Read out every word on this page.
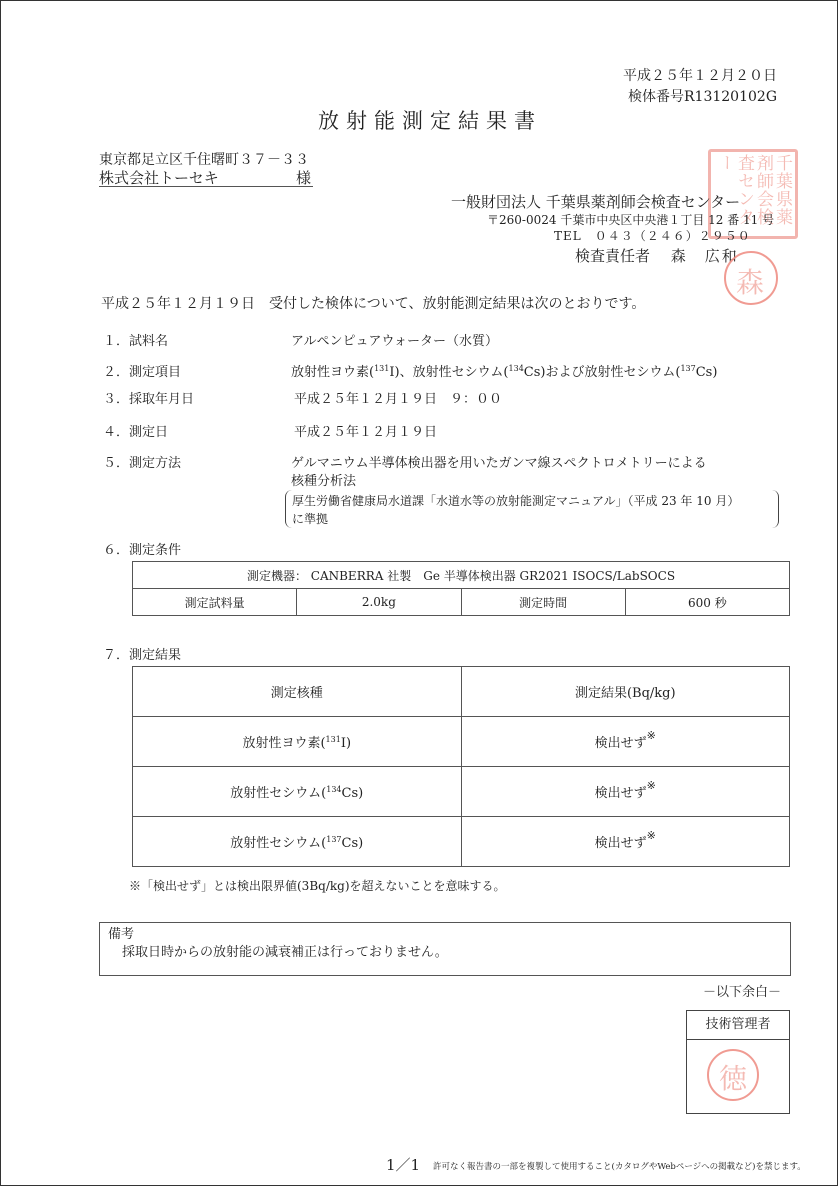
平成２５年１２月２０日
検体番号R13120102G
放射能測定結果書
東京都足立区千住曙町３７－３３
株式会社トーセキ	様	千葉県薬剤師会検査センター
一般財団法人 千葉県薬剤師会検査センター
〒260-0024 千葉市中央区中央港１丁目 12 番 11 号
TEL　０４３（２４６）２９５０
検査責任者 森　広和
森
平成２５年１２月１９日　受付した検体について、放射能測定結果は次のとおりです。
１．試料名	アルペンピュアウォーター（水質）
２．測定項目	放射性ヨウ素($^{131}$I)、放射性セシウム($^{134}$Cs)および放射性セシウム($^{137}$Cs)
３．採取年月日	平成２５年１２月１９日　９：００
４．測定日	平成２５年１２月１９日
５．測定方法	ゲルマニウム半導体検出器を用いたガンマ線スペクトロメトリーによる
核種分析法
厚生労働省健康局水道課「水道水等の放射能測定マニュアル」（平成 23 年 10 月）
に準拠
６．測定条件
測定機器： CANBERRA 社製　Ge 半導体検出器 GR2021 ISOCS/LabSOCS
測定試料量	2.0kg	測定時間	600 秒
７．測定結果
測定核種	測定結果(Bq/kg)
放射性ヨウ素($^{131}$I)	検出せず※
放射性セシウム($^{134}$Cs)	検出せず※
放射性セシウム($^{137}$Cs)	検出せず※
※「検出せず」とは検出限界値(3Bq/kg)を超えないことを意味する。
備考
採取日時からの放射能の減衰補正は行っておりません。
－以下余白－
技術管理者
徳
1／1 許可なく報告書の一部を複製して使用すること(カタログやWebページへの掲載など)を禁じます。
